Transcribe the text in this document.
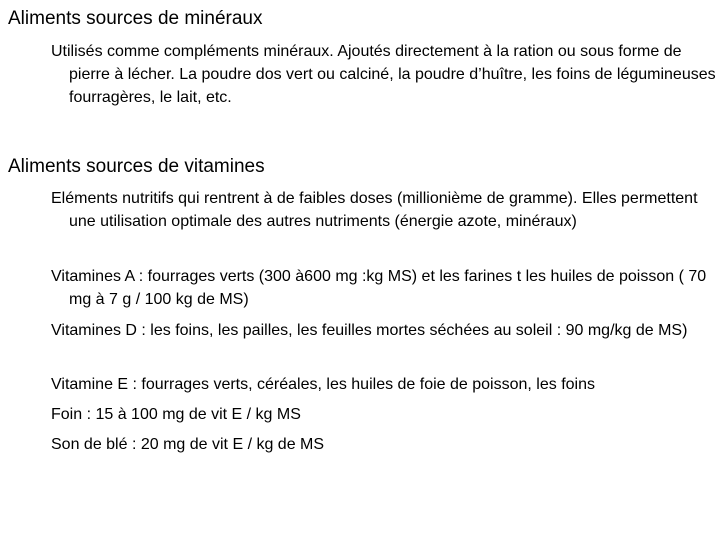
Aliments sources de minéraux
Utilisés comme compléments minéraux. Ajoutés directement à la ration ou sous forme de pierre à lécher. La poudre dos vert ou calciné, la poudre d’huître, les foins de légumineuses fourragères, le lait, etc.
Aliments sources de vitamines
Eléments nutritifs qui rentrent à de faibles doses (millionième de gramme). Elles permettent une utilisation optimale des autres nutriments (énergie azote, minéraux)
Vitamines A : fourrages verts (300 à600 mg :kg MS) et les farines t les huiles de poisson ( 70 mg à 7 g / 100 kg de MS)
Vitamines D : les foins, les pailles, les feuilles mortes séchées au soleil : 90 mg/kg de MS)
Vitamine E : fourrages verts, céréales, les huiles de foie de poisson, les foins
Foin : 15 à 100 mg de vit E / kg MS
Son de blé : 20 mg de vit E / kg de MS
